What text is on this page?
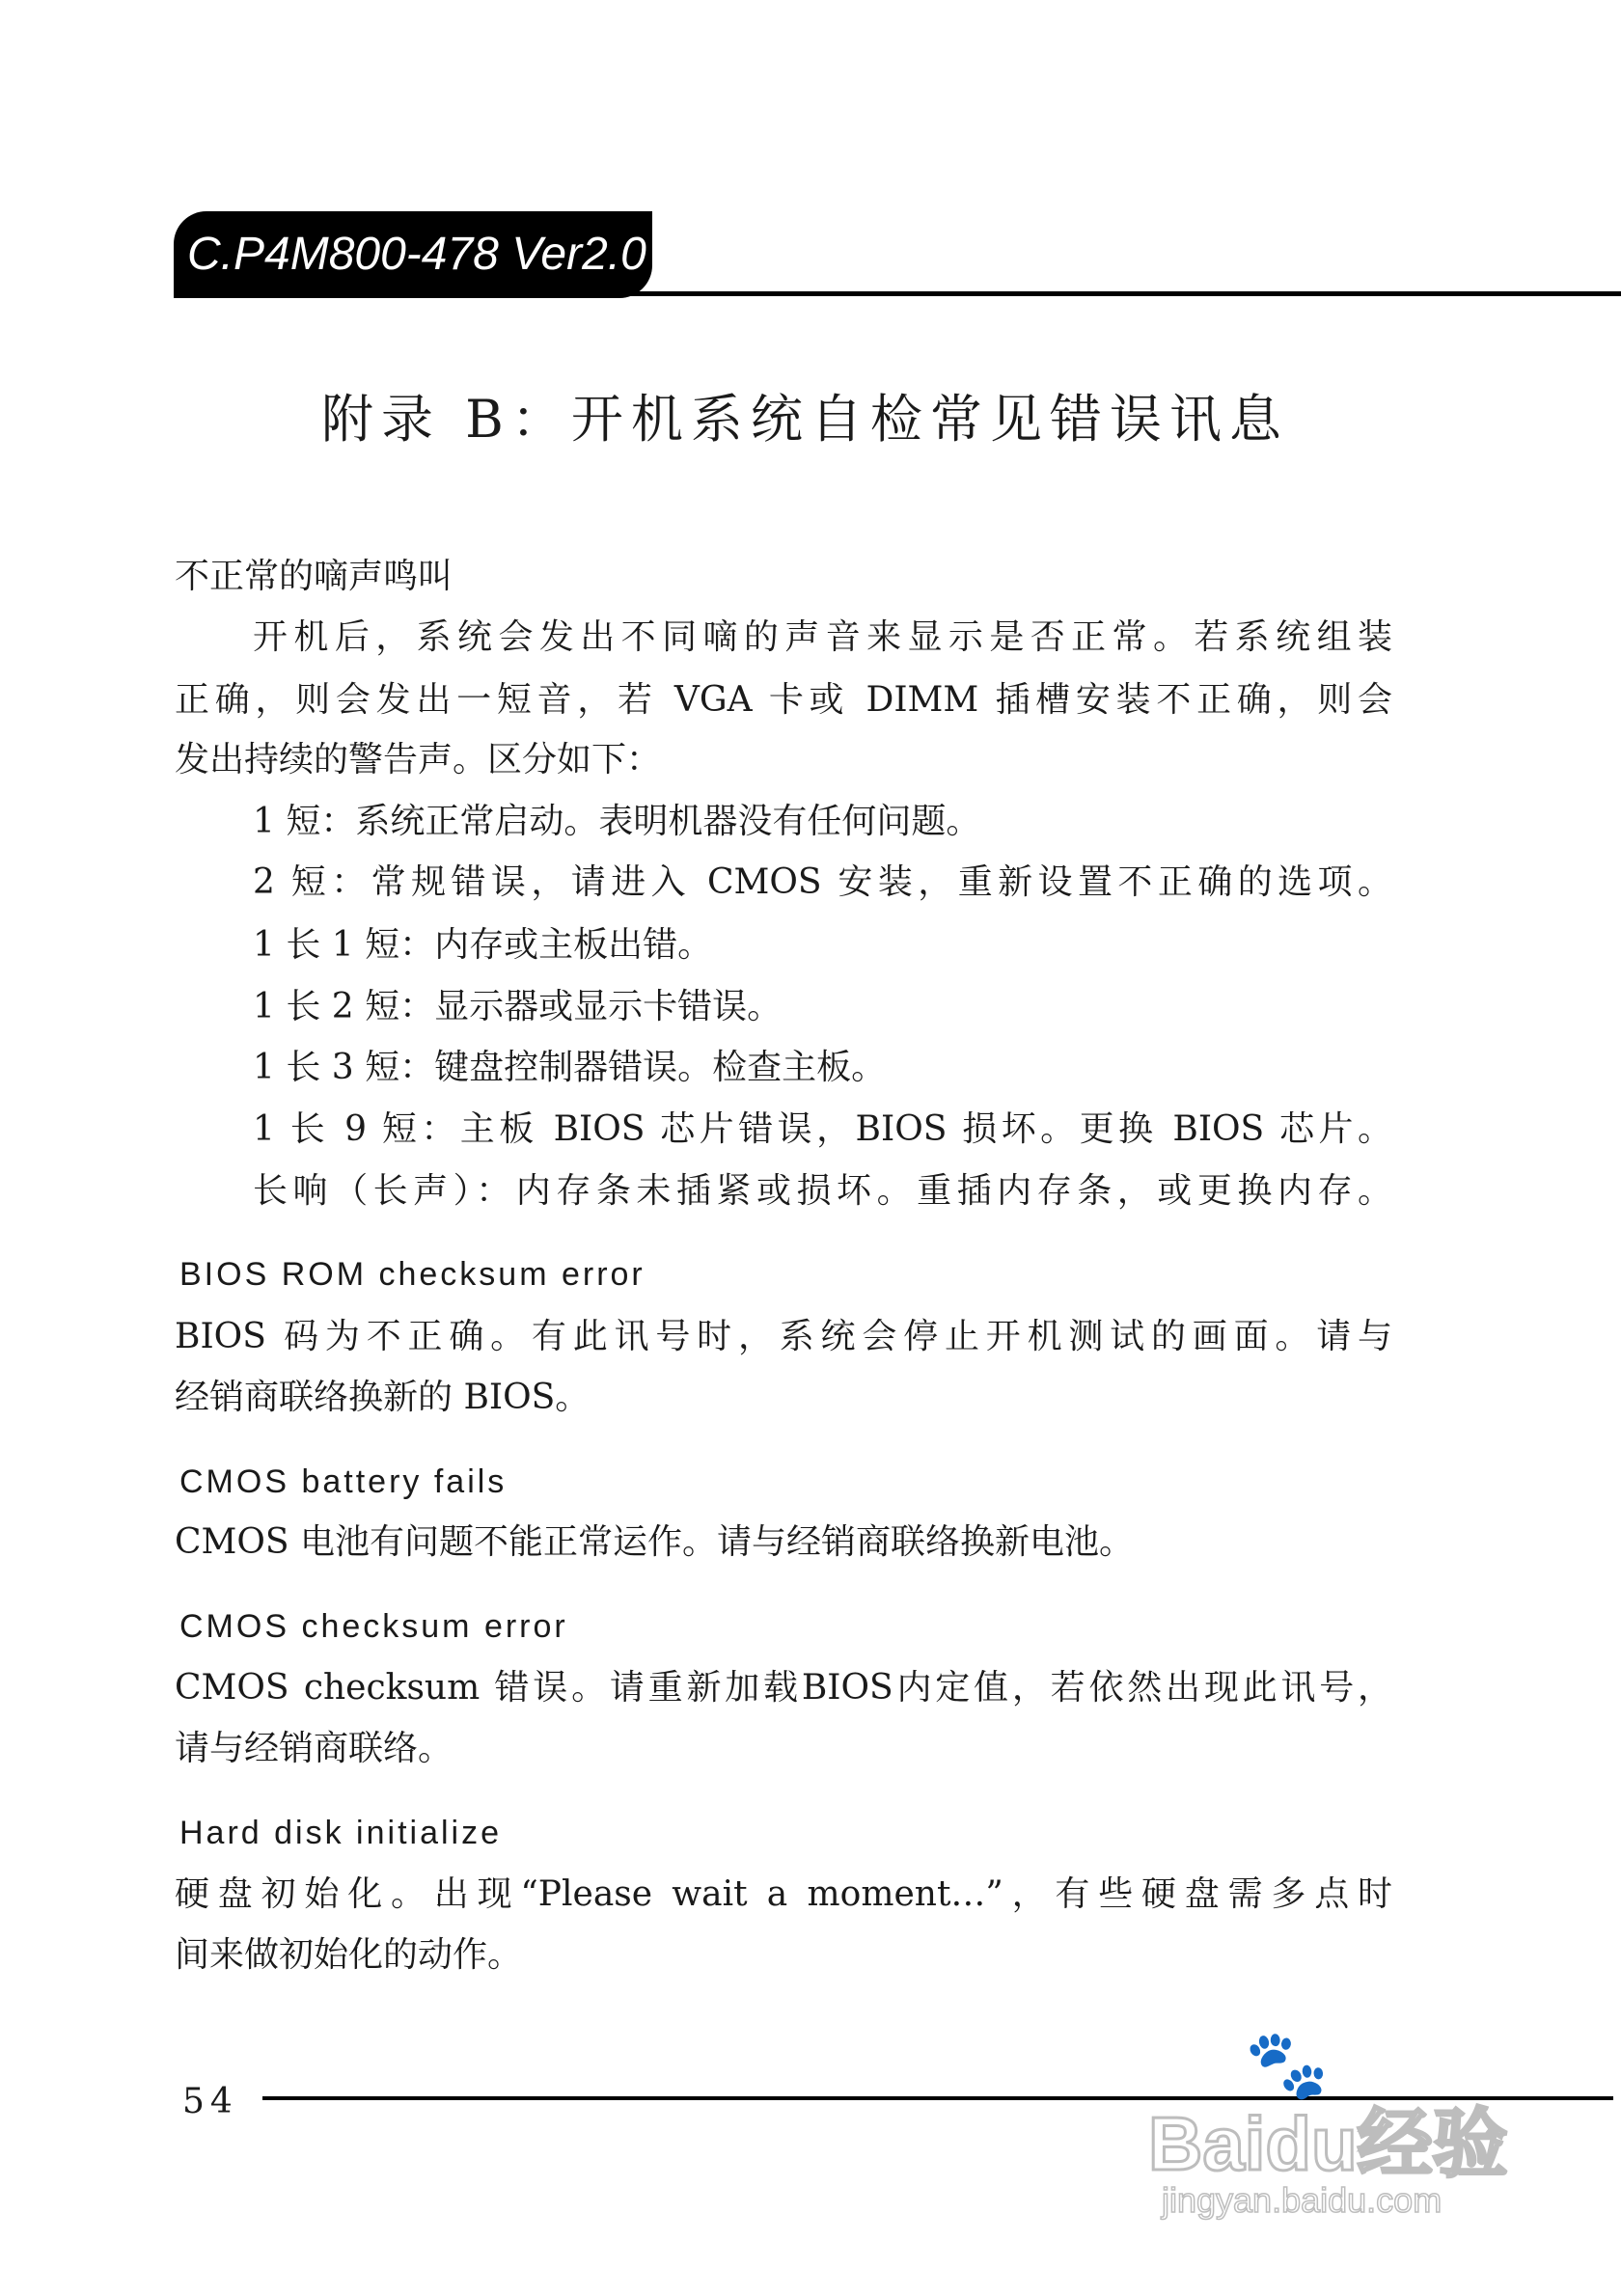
C.P4M800-478 Ver2.0
附录 B：开机系统自检常见错误讯息
不正常的嘀声鸣叫
开机后，系统会发出不同嘀的声音来显示是否正常。若系统组装
正确，则会发出一短音，若 VGA 卡或 DIMM 插槽安装不正确，则会
发出持续的警告声。区分如下：
1 短：系统正常启动。表明机器没有任何问题。
2 短：常规错误，请进入 CMOS 安装，重新设置不正确的选项。
1 长 1 短：内存或主板出错。
1 长 2 短：显示器或显示卡错误。
1 长 3 短：键盘控制器错误。检查主板。
1 长 9 短：主板 BIOS 芯片错误，BIOS 损坏。更换 BIOS 芯片。
长响（长声）：内存条未插紧或损坏。重插内存条，或更换内存。
BIOS ROM checksum error
BIOS 码为不正确。有此讯号时，系统会停止开机测试的画面。请与
经销商联络换新的 BIOS。
CMOS battery fails
CMOS 电池有问题不能正常运作。请与经销商联络换新电池。
CMOS checksum error
CMOS checksum 错误。请重新加载BIOS内定值，若依然出现此讯号，
请与经销商联络。
Hard disk initialize
硬盘初始化。出现“Please wait a moment…”，有些硬盘需多点时
间来做初始化的动作。
54	🐾
Baidu经验
jingyan.baidu.com
